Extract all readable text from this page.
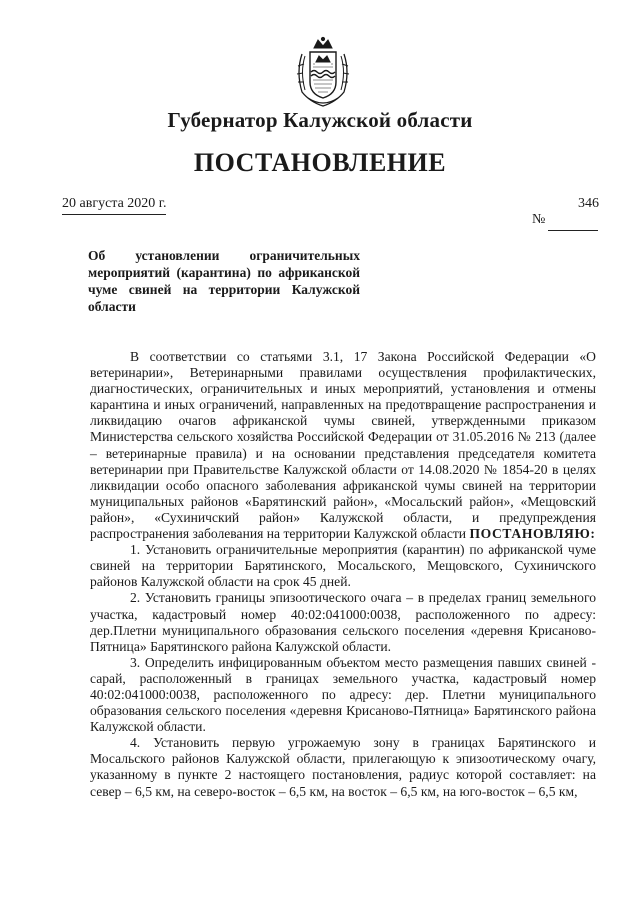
Губернатор Калужской области
ПОСТАНОВЛЕНИЕ
20 августа 2020 г.	346
№
Об установлении ограничительных мероприятий (карантина) по африканской чуме свиней на территории Калужской области

В соответствии со статьями 3.1, 17 Закона Российской Федерации «О ветеринарии», Ветеринарными правилами осуществления профилактических, диагностических, ограничительных и иных мероприятий, установления и отмены карантина и иных ограничений, направленных на предотвращение распространения и ликвидацию очагов африканской чумы свиней, утвержденными приказом Министерства сельского хозяйства Российской Федерации от 31.05.2016 № 213 (далее – ветеринарные правила) и на основании представления председателя комитета ветеринарии при Правительстве Калужской области от 14.08.2020 № 1854-20 в целях ликвидации особо опасного заболевания африканской чумы свиней на территории муниципальных районов «Барятинский район», «Мосальский район», «Мещовский район», «Сухиничский район» Калужской области, и предупреждения распространения заболевания на территории Калужской области ПОСТАНОВЛЯЮ:

1. Установить ограничительные мероприятия (карантин) по африканской чуме свиней на территории Барятинского, Мосальского, Мещовского, Сухиничского районов Калужской области на срок 45 дней.

2. Установить границы эпизоотического очага – в пределах границ земельного участка, кадастровый номер 40:02:041000:0038, расположенного по адресу: дер.Плетни муниципального образования сельского поселения «деревня Крисаново-Пятница» Барятинского района Калужской области.

3. Определить инфицированным объектом место размещения павших свиней - сарай, расположенный в границах земельного участка, кадастровый номер 40:02:041000:0038, расположенного по адресу: дер. Плетни муниципального образования сельского поселения «деревня Крисаново-Пятница» Барятинского района Калужской области.

4. Установить первую угрожаемую зону в границах Барятинского и Мосальского районов Калужской области, прилегающую к эпизоотическому очагу, указанному в пункте 2 настоящего постановления, радиус которой составляет: на север – 6,5 км, на северо-восток – 6,5 км, на восток – 6,5 км, на юго-восток – 6,5 км,
